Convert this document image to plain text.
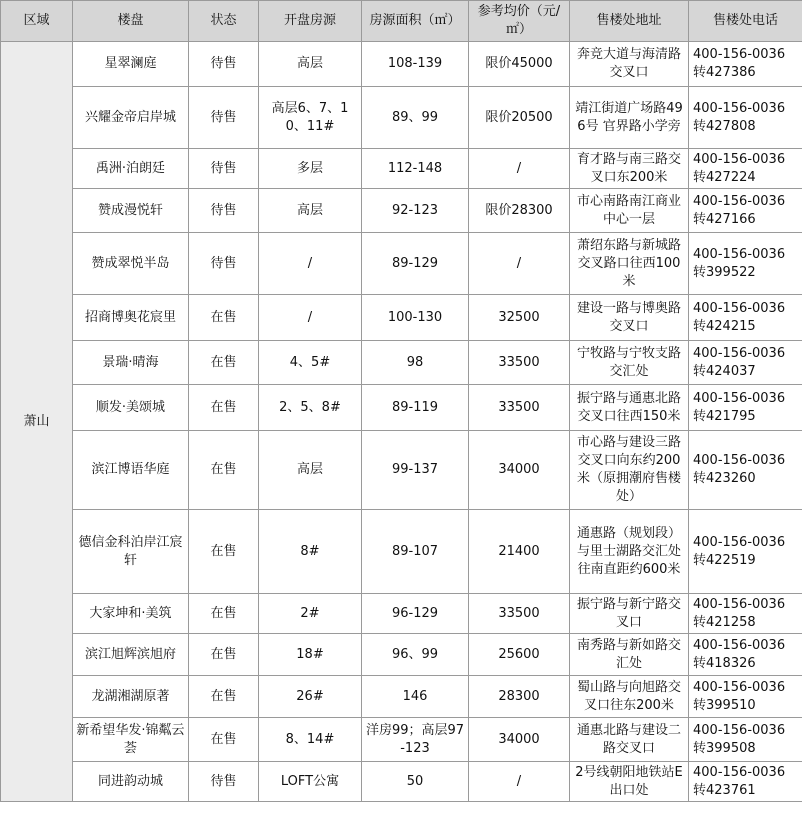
区域	楼盘	状态	开盘房源	房源面积（㎡）	参考均价（元/㎡）	售楼处地址	售楼处电话
萧山	星翠澜庭	待售	高层	108-139	限价45000	奔竞大道与海清路交叉口	400-156-0036 转427386
	兴耀金帝启岸城	待售	高层6、7、10、11#	89、99	限价20500	靖江街道广场路496号 官界路小学旁	400-156-0036 转427808
	禹洲·泊朗廷	待售	多层	112-148	/	育才路与南三路交叉口东200米	400-156-0036 转427224
	赞成漫悦轩	待售	高层	92-123	限价28300	市心南路南江商业中心一层	400-156-0036 转427166
	赞成翠悦半岛	待售	/	89-129	/	萧绍东路与新城路交叉路口往西100米	400-156-0036 转399522
	招商博奥花宸里	在售	/	100-130	32500	建设一路与博奥路交叉口	400-156-0036 转424215
	景瑞·晴海	在售	4、5#	98	33500	宁牧路与宁牧支路交汇处	400-156-0036 转424037
	顺发·美颂城	在售	2、5、8#	89-119	33500	振宁路与通惠北路交叉口往西150米	400-156-0036 转421795
	滨江博语华庭	在售	高层	99-137	34000	市心路与建设三路交叉口向东约200米（原拥潮府售楼处）	400-156-0036 转423260
	德信金科泊岸江宸轩	在售	8#	89-107	21400	通惠路（规划段）与里士湖路交汇处往南直距约600米	400-156-0036 转422519
	大家坤和·美筑	在售	2#	96-129	33500	振宁路与新宁路交叉口	400-156-0036 转421258
	滨江旭辉滨旭府	在售	18#	96、99	25600	南秀路与新如路交汇处	400-156-0036 转418326
	龙湖湘湖原著	在售	26#	146	28300	蜀山路与向旭路交叉口往东200米	400-156-0036 转399510
	新希望华发·锦粼云荟	在售	8、14#	洋房99；高层97-123	34000	通惠北路与建设二路交叉口	400-156-0036 转399508
	同进韵动城	待售	LOFT公寓	50	/	2号线朝阳地铁站E出口处	400-156-0036 转423761
